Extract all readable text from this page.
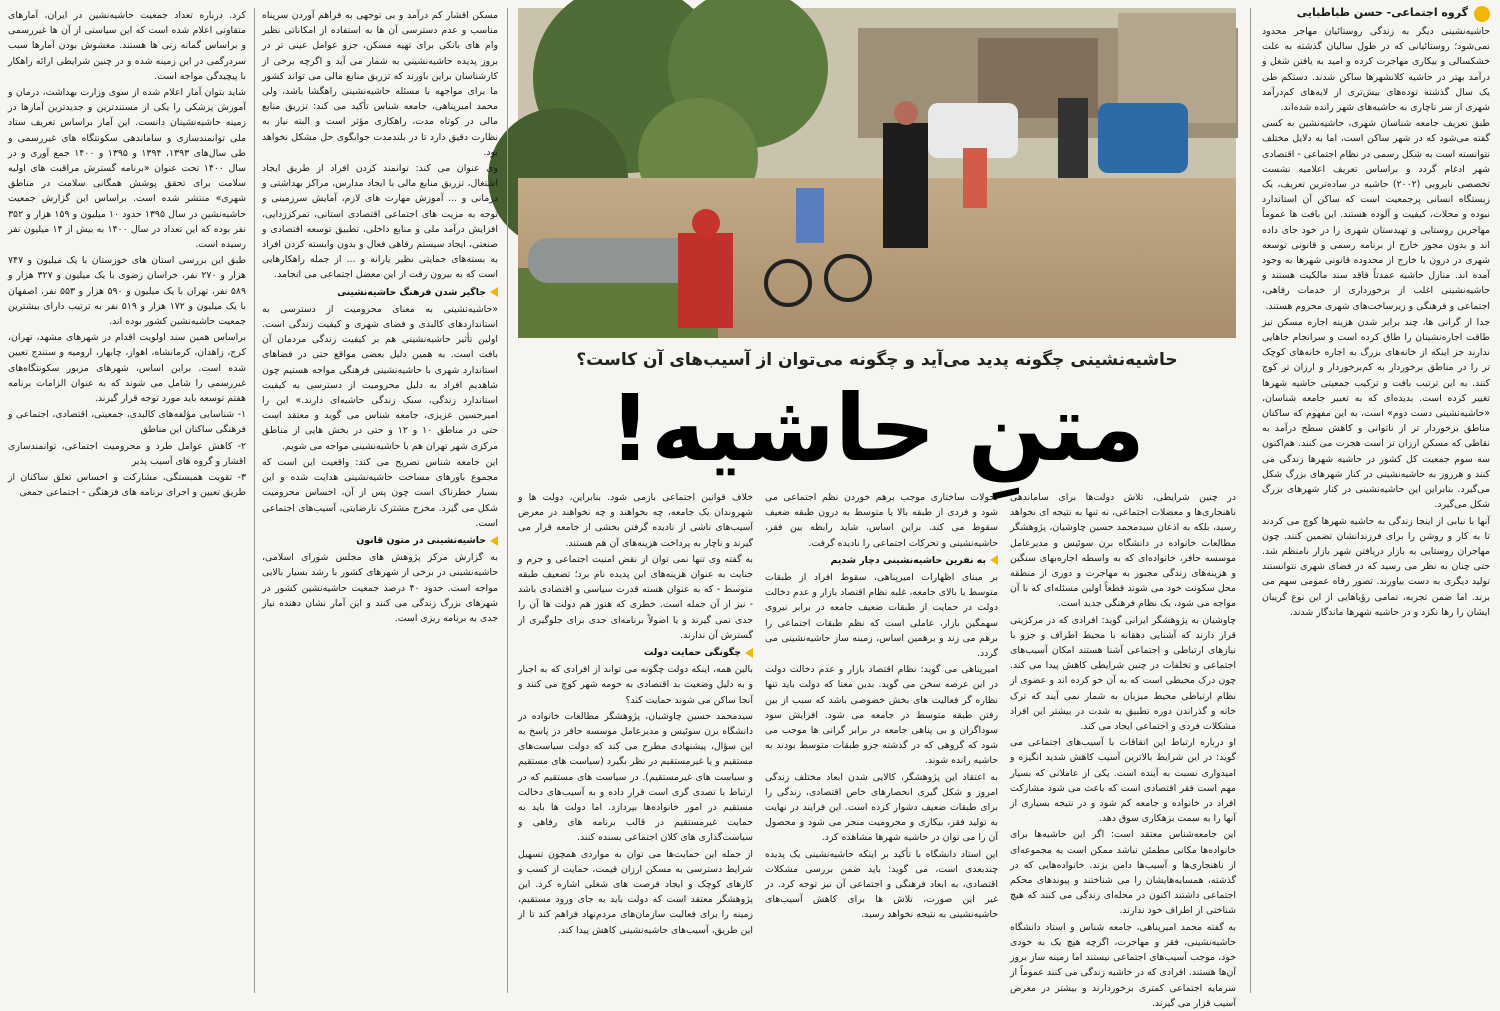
گروه اجتماعی- حسن طباطبایی

حاشیه‌نشینی دیگر به زندگی روستائیان مهاجر محدود نمی‌شود؛ روستائیانی که در طول سالیان گذشته به علت خشکسالی و بیکاری مهاجرت کرده و امید به یافتن شغل و درآمد بهتر در حاشیه کلانشهرها ساکن شدند. دستکم طی یک سال گذشته توده‌های بیش‌تری از لایه‌های کم‌درآمد شهری از سر ناچاری به حاشیه‌های شهر رانده شده‌اند.

طبق تعریف جامعه شناسان شهری، حاشیه‌نشین به کسی گفته می‌شود که در شهر ساکن است، اما به دلایل مختلف نتوانسته است به شکل رسمی در نظام اجتماعی - اقتصادی شهر ادغام گردد و براساس تعریف اعلامیه نشست تخصصی نایروبی (۲۰۰۲) حاشیه در ساده‌ترین تعریف، یک زیستگاه انسانی پرجمعیت است که ساکن آن استاندارد نبوده و محلات، کیفیت و آلوده هستند. این بافت ها عموماً مهاجرین روستایی و تهیدستان شهری را در خود جای داده اند و بدون مجوز خارج از برنامه رسمی و قانونی توسعه شهری در درون یا خارج از محدوده قانونی شهرها به وجود آمده اند. منازل حاشیه عمدتاً فاقد سند مالکیت هستند و حاشیه‌نشینی اغلب از برخورداری از خدمات رفاهی، اجتماعی و فرهنگی و زیرساخت‌های شهری محروم هستند.

جدا از گرانی ها، چند برابر شدن هزینه اجاره مسکن نیز طاقت اجاره‌نشینان را طاق کرده است و سرانجام جاهایی ندارند جز اینکه از خانه‌های بزرگ به اجاره خانه‌های کوچک تر را در مناطق برخوردار به کم‌برخوردار و ارزان تر کوچ کنند. به این ترتیب بافت و ترکیب جمعیتی حاشیه شهرها تغییر کرده است. بدیده‌ای که به تعبیر جامعه شناسان، «حاشیه‌نشینی دست دوم» است، به این مفهوم که ساکنان مناطق برخوردار تر از ناتوانی و کاهش سطح درآمد به نقاطی که مسکن ارزان تر است هجرت می کنند. هم‌اکنون سه سوم جمعیت کل کشور در حاشیه شهرها زندگی می کنند و هرروز به حاشیه‌نشینی در کنار شهرهای بزرگ شکل می‌گیرد. بنابراین این حاشیه‌نشینی در کنار شهرهای بزرگ شکل می‌گیرد.

آنها با نیابی از اینجا زندگی به حاشیه شهرها کوچ می کردند تا به کار و روشن را برای فرزندانشان تضمین کنند. چون مهاجران روستایی به بازار دریافتن شهر بازار نامنظم شد. حتی چنان به نظر می رسید که در فضای شهری نتوانستند تولید دیگری به دست بیاورند. تصور رفاه عمومی سهم می برند. اما ضمن تجربه، تمامی رؤیاهایی از این نوع گریبان ایشان را رها نکرد و در حاشیه شهرها ماندگار شدند.

حاشیه‌نشینی چگونه پدید می‌آید و چگونه می‌توان از آسیب‌های آن کاست؟
متنِ حاشیه!

در چنین شرایطی، تلاش دولت‌ها برای ساماندهی ناهنجاری‌ها و معضلات اجتماعی، نه تنها به نتیجه ای نخواهد رسید، بلکه به اذعان سیدمحمد حسین چاوشیان، پژوهشگر مطالعات خانواده در دانشگاه برن سوئیس و مدیرعامل موسسه حافر، خانواده‌ای که به واسطه اجاره‌بهای سنگین و هزینه‌های زندگی مجبور به مهاجرت و دوری از منطقه محل سکونت خود می شوند قطعاً اولین مسئله‌ای که با آن مواجه می شود، یک نظام فرهنگی جدید است.

چاوشیان به پژوهشگر ایرانی گوید: افرادی که در مرکزیتی قرار دارند که آشنایی دهقانه با محیط اطراف و جزو با نیازهای ارتباطی و اجتماعی آشنا هستند امکان آسیب‌های اجتماعی و تخلفات در چنین شرایطی کاهش پیدا می کند. چون درک محیطی است که به آن خو کرده اند و عضوی از نظام ارتباطی محیط میزبان به شمار نمی آیند که ترک خانه و گذراندن دوره تطبیق به شدت در بیشتر این افراد مشکلات فردی و اجتماعی ایجاد می کند.

او درباره ارتباط این اتفاقات با آسیب‌های اجتماعی می گوید: در این شرایط بالاترین آسیب کاهش شدید انگیزه و امیدواری نسبت به آینده است. یکی از عاملانی که بسیار مهم است فقر اقتصادی است که باعث می شود مشارکت افراد در خانواده و جامعه کم شود و در نتیجه بسیاری از آنها را به سمت بزهکاری سوق دهد.

این جامعه‌شناس معتقد است: اگر این حاشیه‌ها برای خانواده‌ها مکانی مطمئن نباشد ممکن است به مجموعه‌ای از ناهنجاری‌ها و آسیب‌ها دامن بزند. خانواده‌هایی که در گذشته، همسایه‌هایشان را می شناختند و پیوندهای محکم اجتماعی داشتند اکنون در محله‌ای زندگی می کنند که هیچ شناختی از اطراف خود ندارند.

به گفته محمد امیرپناهی، جامعه شناس و استاد دانشگاه حاشیه‌نشینی، فقر و مهاجرت، اگرچه هیچ یک به خودی خود، موجب آسیب‌های اجتماعی نیستند اما زمینه ساز بروز آن‌ها هستند. افرادی که در حاشیه زندگی می کنند عموماً از سرمایه اجتماعی کمتری برخوردارند و بیشتر در معرض آسیب قرار می گیرند.

تحولات ساختاری موجب برهم خوردن نظم اجتماعی می شود و فردی از طبقه بالا یا متوسط به درون طبقه ضعیف سقوط می کند. براین اساس، شاید رابطه بین فقر، حاشیه‌نشینی و تحرکات اجتماعی را نادیده گرفت.

به نفرین حاشیه‌نشینی دچار شدیم

بر مبنای اظهارات امیرپناهی، سقوط افراد از طبقات متوسط یا بالای جامعه، غلبه نظام اقتصاد بازار و عدم دخالت دولت در حمایت از طبقات ضعیف جامعه در برابر نیروی سهمگین بازار، عاملی است که نظم طبقات اجتماعی را برهم می زند و برهمین اساس، زمینه ساز حاشیه‌نشینی می گردد.

امیرپناهی می گوید: نظام اقتصاد بازار و عدم دخالت دولت در این عرصه سخن می گوید. بدین معنا که دولت باید تنها نظاره گر فعالیت های بخش خصوصی باشد که سبب از بین رفتن طبقه متوسط در جامعه می شود. افزایش سود سوداگران و بی پناهی جامعه در برابر گرانی ها موجب می شود که گروهی که در گذشته جزو طبقات متوسط بودند به حاشیه رانده شوند.

به اعتقاد این پژوهشگر، کالایی شدن ابعاد مختلف زندگی امروز و شکل گیری انحصارهای خاص اقتصادی، زندگی را برای طبقات ضعیف دشوار کرده است. این فرایند در نهایت به تولید فقر، بیکاری و محرومیت منجر می شود و محصول آن را می توان در حاشیه شهرها مشاهده کرد.

این استاد دانشگاه با تأکید بر اینکه حاشیه‌نشینی یک پدیده چندبعدی است، می گوید: باید ضمن بررسی مشکلات اقتصادی، به ابعاد فرهنگی و اجتماعی آن نیز توجه کرد. در غیر این صورت، تلاش ها برای کاهش آسیب‌های حاشیه‌نشینی به نتیجه نخواهد رسید.

خلاف قوانین اجتماعی بازمی شود. بنابراین، دولت ها و شهروندان یک جامعه، چه بخواهند و چه نخواهند در معرض آسیب‌های ناشی از نادیده گرفتن بخشی از جامعه قرار می گیرند و ناچار به پرداخت هزینه‌های آن هم هستند.

به گفته وی تنها نمی توان از نقض امنیت اجتماعی و جرم و جنایت به عنوان هزینه‌های این پدیده نام برد؛ تضعیف طبقه متوسط - که به عنوان هسته قدرت سیاسی و اقتصادی باشد - نیز از آن جمله است. خطری که هنوز هم دولت ها آن را جدی نمی گیرند و یا اصولاً برنامه‌ای جدی برای جلوگیری از گسترش آن ندارند.

چگونگی حمایت دولت

بالین همه، اینکه دولت چگونه می تواند از افرادی که به اجبار و به دلیل وضعیت بد اقتصادی به حومه شهر کوچ می کنند و آنجا ساکن می شوند حمایت کند؟

سیدمحمد حسین چاوشیان، پژوهشگر مطالعات خانواده در دانشگاه برن سوئیس و مدیرعامل موسسه حافر در پاسخ به این سؤال، پیشنهادی مطرح می کند که دولت سیاست‌های مستقیم و یا غیرمستقیم در نظر بگیرد (سیاست های مستقیم و سیاست های غیرمستقیم). در سیاست های مستقیم که در ارتباط با تصدی گری است قرار داده و به آسیب‌های دخالت مستقیم در امور خانواده‌ها بپردازد. اما دولت ها باید به حمایت غیرمستقیم در قالب برنامه های رفاهی و سیاست‌گذاری های کلان اجتماعی بسنده کنند.

از جمله این حمایت‌ها می توان به مواردی همچون تسهیل شرایط دسترسی به مسکن ارزان قیمت، حمایت از کسب و کارهای کوچک و ایجاد فرصت های شغلی اشاره کرد. این پژوهشگر معتقد است که دولت باید به جای ورود مستقیم، زمینه را برای فعالیت سازمان‌های مردم‌نهاد فراهم کند تا از این طریق، آسیب‌های حاشیه‌نشینی کاهش پیدا کند.

مسکن اقشار کم درآمد و بی توجهی به فراهم آوردن سرپناه مناسب و عدم دسترسی آن ها به استفاده از امکاناتی نظیر وام های بانکی برای تهیه مسکن، جزو عوامل عینی تر در بروز پدیده حاشیه‌نشینی به شمار می آید و اگرچه برخی از کارشناسان براین باورند که تزریق منابع مالی می تواند کشور ما برای مواجهه با مسئله حاشیه‌نشینی راهگشا باشد، ولی محمد امیرپناهی، جامعه شناس تأکید می کند: تزریق منابع مالی در کوتاه مدت، راهکاری مؤثر است و البته نیاز به نظارت دقیق دارد تا در بلندمدت جوابگوی حل مشکل نخواهد بود.

وی عنوان می کند: توانمند کردن افراد از طریق ایجاد اشتغال، تزریق منابع مالی با ایجاد مدارس، مراکز بهداشتی و درمانی و ... آموزش مهارت های لازم، آمایش سرزمینی و توجه به مزیت های اجتماعی اقتصادی استانی، تمرکززدایی، افزایش درآمد ملی و منابع داخلی، تطبیق توسعه اقتصادی و صنعتی، ایجاد سیستم رفاهی فعال و بدون وابسته کردن افراد به بسته‌های حمایتی نظیر یارانه و ... از جمله راهکارهایی است که به بیرون رفت از این معضل اجتماعی می انجامد.

جاگیر شدن فرهنگ حاشیه‌نشینی

«حاشیه‌نشینی به معنای محرومیت از دسترسی به استانداردهای کالبدی و فضای شهری و کیفیت زندگی است. اولین تأثیر حاشیه‌نشینی هم بر کیفیت زندگی مردمان آن بافت است. به همین دلیل بعضی مواقع حتی در فضاهای استاندارد شهری با حاشیه‌نشینی فرهنگی مواجه هستیم چون شاهدیم افراد به دلیل محرومیت از دسترسی به کیفیت استاندارد زندگی، سبک زندگی حاشیه‌ای دارند.» این را امیرحسین عزیزی، جامعه شناس می گوید و معتقد است حتی در مناطق ۱۰ و ۱۲ و حتی در بخش هایی از مناطق مرکزی شهر تهران هم با حاشیه‌نشینی مواجه می شویم.

این جامعه شناس تصریح می کند: واقعیت این است که مجموع باورهای مساحت حاشیه‌نشینی هدایت شده و این بسیار خطرناک است چون پس از آن، احساس محرومیت شکل می گیرد. مخرج مشترک نارضایتی، آسیب‌های اجتماعی است.

حاشیه‌نشینی در متون قانون

به گزارش مرکز پژوهش های مجلس شورای اسلامی، حاشیه‌نشینی در برخی از شهرهای کشور با رشد بسیار بالایی مواجه است. حدود ۴۰ درصد جمعیت حاشیه‌نشین کشور در شهرهای بزرگ زندگی می کنند و این آمار نشان دهنده نیاز جدی به برنامه ریزی است.

کرد. درباره تعداد جمعیت حاشیه‌نشین در ایران، آمارهای متفاوتی اعلام شده است که این سیاستی از آن ها غیررسمی و براساس گمانه زنی ها هستند. مغشوش بودن آمارها سبب سردرگمی در این زمینه شده و در چنین شرایطی ارائه راهکار با پیچیدگی مواجه است.

شاید بتوان آمار اعلام شده از سوی وزارت بهداشت، درمان و آموزش پزشکی را یکی از مستندترین و جدیدترین آمارها در زمینه حاشیه‌نشینان دانست. این آمار براساس تعریف ستاد ملی توانمندسازی و ساماندهی سکونتگاه های غیررسمی و طی سال‌های ۱۳۹۳، ۱۳۹۴ و ۱۳۹۵ و ۱۴۰۰ جمع آوری و در سال ۱۴۰۰ تحت عنوان «برنامه گسترش مراقبت های اولیه سلامت برای تحقق پوشش همگانی سلامت در مناطق شهری» منتشر شده است. براساس این گزارش جمعیت حاشیه‌نشین در سال ۱۳۹۵ حدود ۱۰ میلیون و ۱۵۹ هزار و ۳۵۲ نفر بوده که این تعداد در سال ۱۴۰۰ به بیش از ۱۴ میلیون نفر رسیده است.

طبق این بررسی استان های خوزستان با یک میلیون و ۷۴۷ هزار و ۲۷۰ نفر، خراسان رضوی با یک میلیون و ۳۲۷ هزار و ۵۸۹ نفر، تهران با یک میلیون و ۵۹۰ هزار و ۵۵۳ نفر، اصفهان با یک میلیون و ۱۷۲ هزار و ۵۱۹ نفر به ترتیب دارای بیشترین جمعیت حاشیه‌نشین کشور بوده اند.

براساس همین سند اولویت اقدام در شهرهای مشهد، تهران، کرج، زاهدان، کرمانشاه، اهواز، چابهار، ارومیه و سنندج تعیین شده است. براین اساس، شهرهای مزبور سکونتگاه‌های غیررسمی را شامل می شوند که به عنوان الزامات برنامه هفتم توسعه باید مورد توجه قرار گیرند.

۱- شناسایی مؤلفه‌های کالبدی، جمعیتی، اقتصادی، اجتماعی و فرهنگی ساکنان این مناطق

۲- کاهش عوامل طرد و محرومیت اجتماعی، توانمندسازی اقشار و گروه های آسیب پذیر

۳- تقویت همبستگی، مشارکت و احساس تعلق ساکنان از طریق تعیین و اجرای برنامه های فرهنگی - اجتماعی جمعی
